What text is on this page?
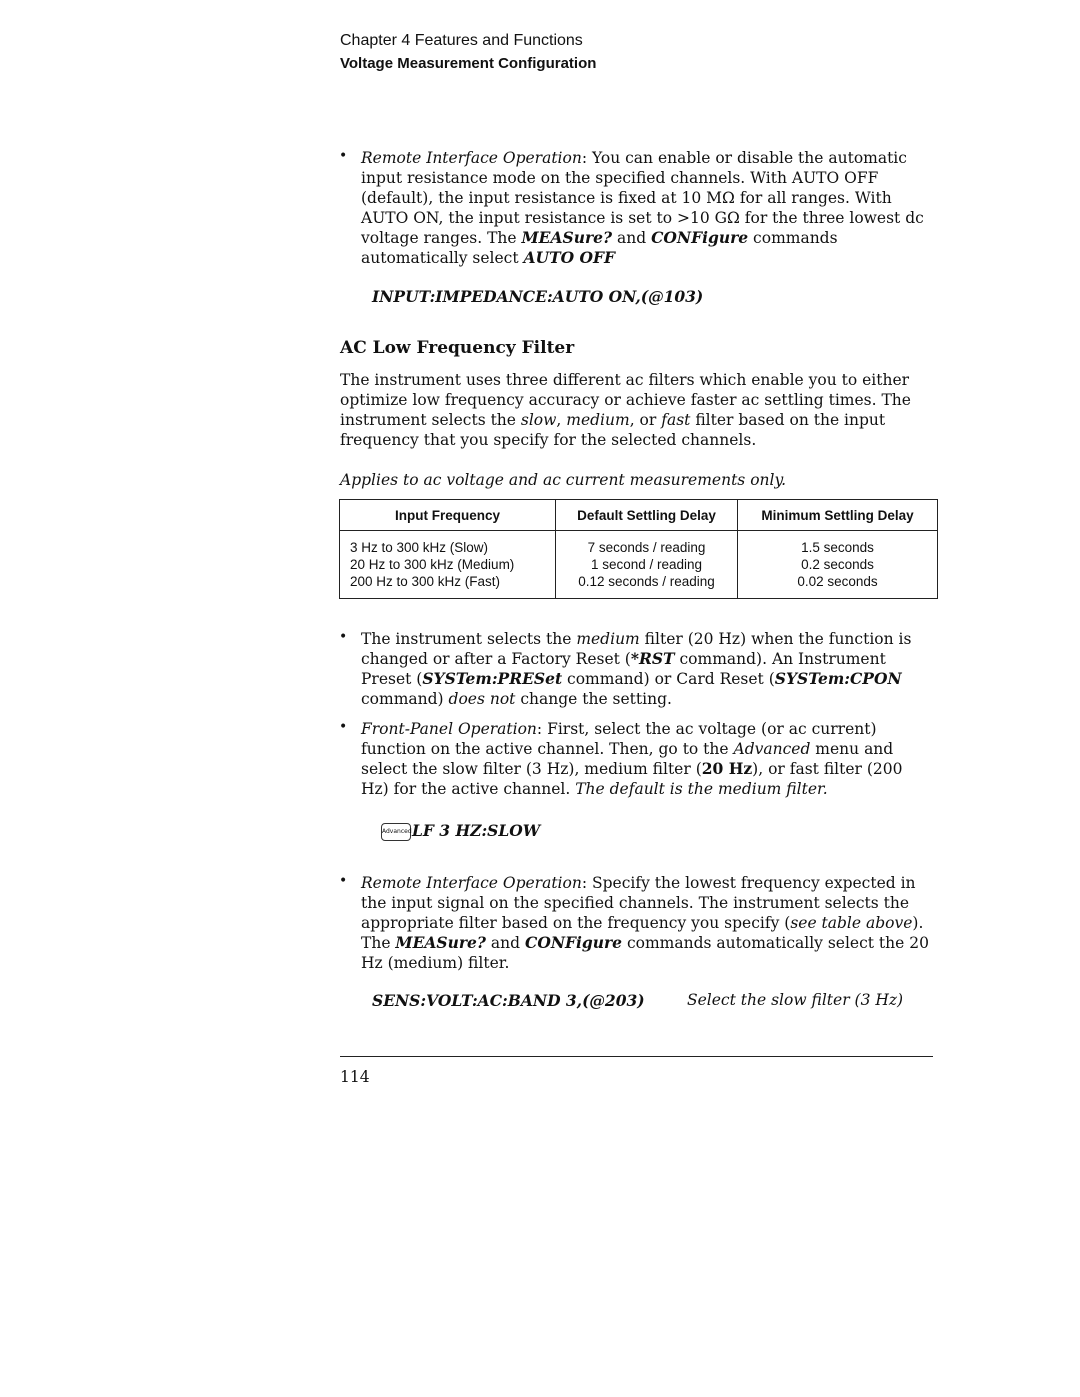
Chapter 4 Features and Functions
Voltage Measurement Configuration
• Remote Interface Operation: You can enable or disable the automatic input resistance mode on the specified channels. With AUTO OFF (default), the input resistance is fixed at 10 MΩ for all ranges. With AUTO ON, the input resistance is set to >10 GΩ for the three lowest dc voltage ranges. The MEASure? and CONFigure commands automatically select AUTO OFF
INPUT:IMPEDANCE:AUTO ON,(@103)
AC Low Frequency Filter
The instrument uses three different ac filters which enable you to either optimize low frequency accuracy or achieve faster ac settling times. The instrument selects the slow, medium, or fast filter based on the input frequency that you specify for the selected channels.
Applies to ac voltage and ac current measurements only.
Input Frequency	Default Settling Delay	Minimum Settling Delay
3 Hz to 300 kHz (Slow)	7 seconds / reading	1.5 seconds
20 Hz to 300 kHz (Medium)	1 second / reading	0.2 seconds
200 Hz to 300 kHz (Fast)	0.12 seconds / reading	0.02 seconds
• The instrument selects the medium filter (20 Hz) when the function is changed or after a Factory Reset (*RST command). An Instrument Preset (SYSTem:PRESet command) or Card Reset (SYSTem:CPON command) does not change the setting.
• Front-Panel Operation: First, select the ac voltage (or ac current) function on the active channel. Then, go to the Advanced menu and select the slow filter (3 Hz), medium filter (20 Hz), or fast filter (200 Hz) for the active channel. The default is the medium filter.
AdvancedLF 3 HZ:SLOW
• Remote Interface Operation: Specify the lowest frequency expected in the input signal on the specified channels. The instrument selects the appropriate filter based on the frequency you specify (see table above). The MEASure? and CONFigure commands automatically select the 20 Hz (medium) filter.
SENS:VOLT:AC:BAND 3,(@203)	Select the slow filter (3 Hz)
114
